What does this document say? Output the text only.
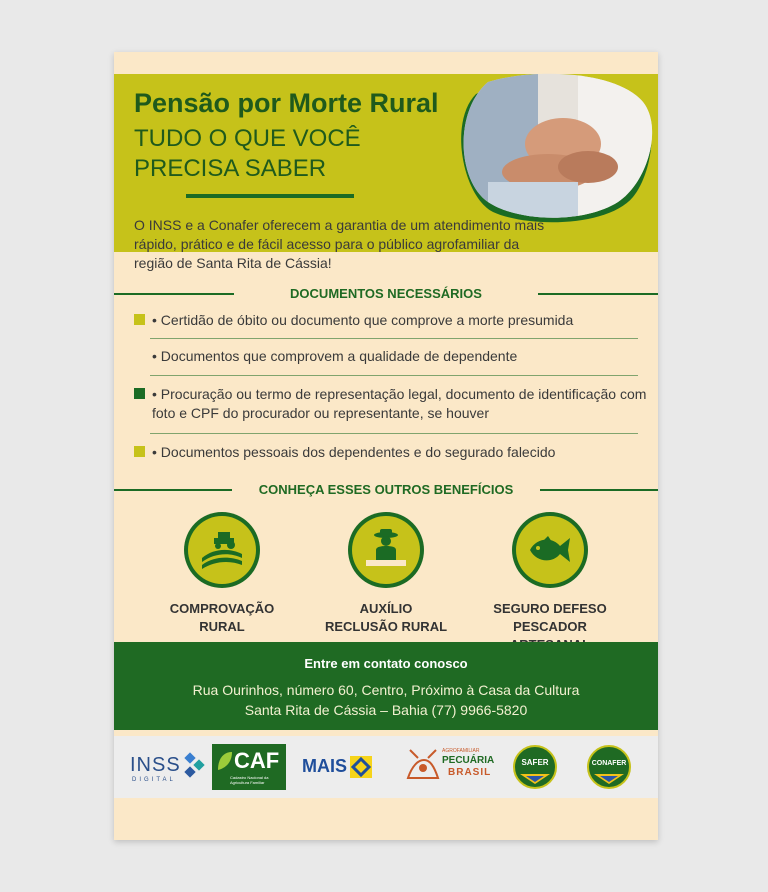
Pensão por Morte Rural
TUDO O QUE VOCÊ
PRECISA SABER
O INSS e a Conafer oferecem a garantia de um atendimento mais rápido, prático e de fácil acesso para o público agrofamiliar da região de Santa Rita de Cássia!
DOCUMENTOS NECESSÁRIOS
• Certidão de óbito ou documento que comprove a morte presumida
• Documentos que comprovem a qualidade de dependente
• Procuração ou termo de representação legal, documento de identificação com foto e CPF do procurador ou representante, se houver
• Documentos pessoais dos dependentes e do segurado falecido
CONHEÇA ESSES OUTROS BENEFÍCIOS
COMPROVAÇÃO
RURAL
AUXÍLIO
RECLUSÃO RURAL
SEGURO DEFESO
PESCADOR
Entre em contato conosco
Rua Ourinhos, número 60, Centro, Próximo à Casa da Cultura
Santa Rita de Cássia – Bahia (77) 9966-5820
INSS
DIGITAL
CAF
Cadastro Nacional da Agricultura Familiar
MAIS
AGROFAMILIAR
PECUÁRIA
BRASIL
SAFER	CONAFER
